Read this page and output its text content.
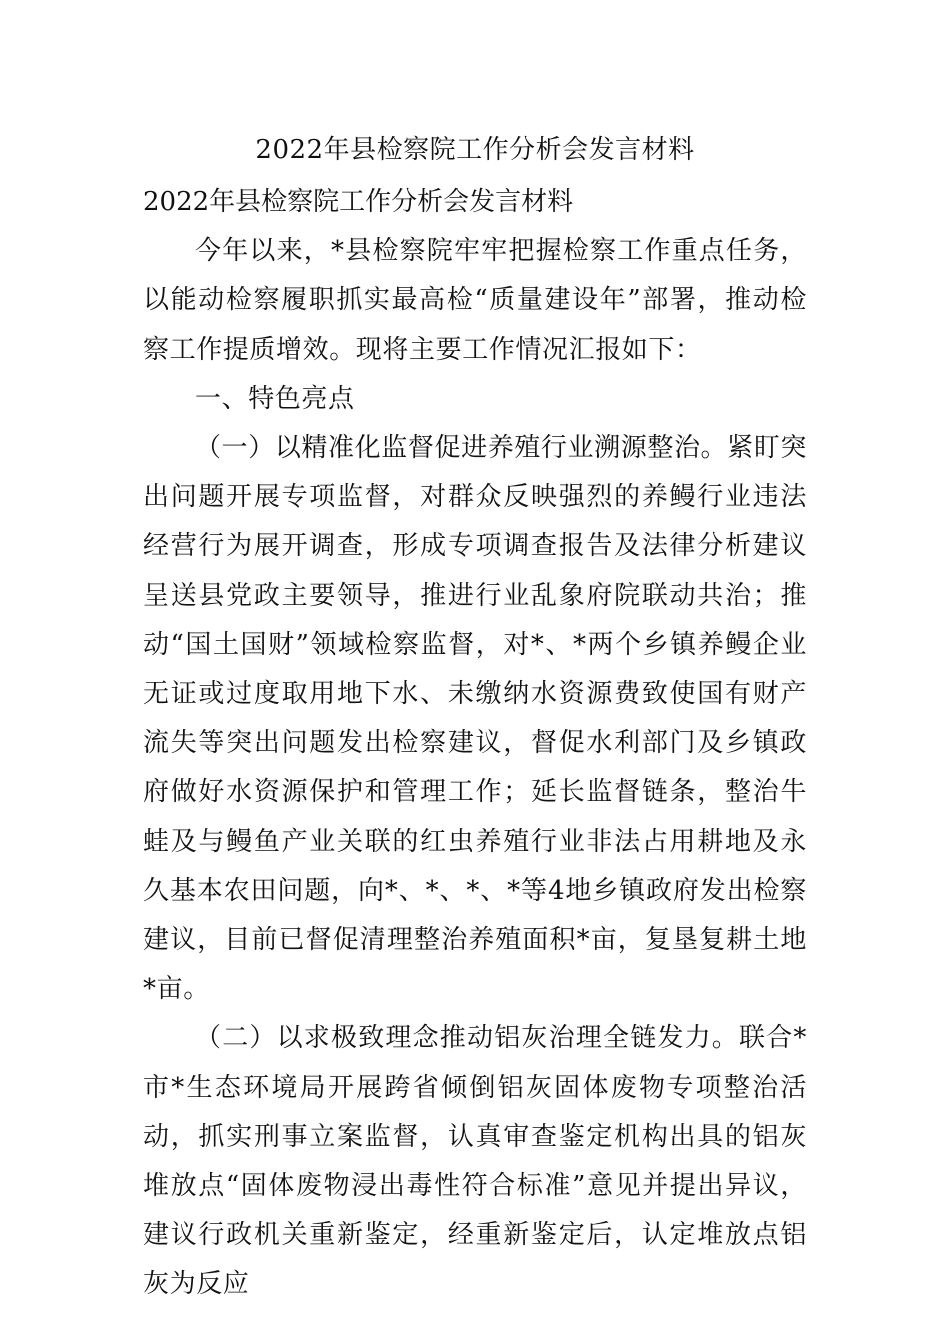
2022年县检察院工作分析会发言材料

2022年县检察院工作分析会发言材料

今年以来，*县检察院牢牢把握检察工作重点任务，以能动检察履职抓实最高检“质量建设年”部署，推动检察工作提质增效。现将主要工作情况汇报如下：

一、特色亮点

（一）以精准化监督促进养殖行业溯源整治。紧盯突出问题开展专项监督，对群众反映强烈的养鳗行业违法经营行为展开调查，形成专项调查报告及法律分析建议呈送县党政主要领导，推进行业乱象府院联动共治；推动“国土国财”领域检察监督，对*、*两个乡镇养鳗企业无证或过度取用地下水、未缴纳水资源费致使国有财产流失等突出问题发出检察建议，督促水利部门及乡镇政府做好水资源保护和管理工作；延长监督链条，整治牛蛙及与鳗鱼产业关联的红虫养殖行业非法占用耕地及永久基本农田问题，向*、*、*、*等4地乡镇政府发出检察建议，目前已督促清理整治养殖面积*亩，复垦复耕土地*亩。

（二）以求极致理念推动铝灰治理全链发力。联合*市*生态环境局开展跨省倾倒铝灰固体废物专项整治活动，抓实刑事立案监督，认真审查鉴定机构出具的铝灰堆放点“固体废物浸出毒性符合标准”意见并提出异议，建议行政机关重新鉴定，经重新鉴定后，认定堆放点铝灰为反应
